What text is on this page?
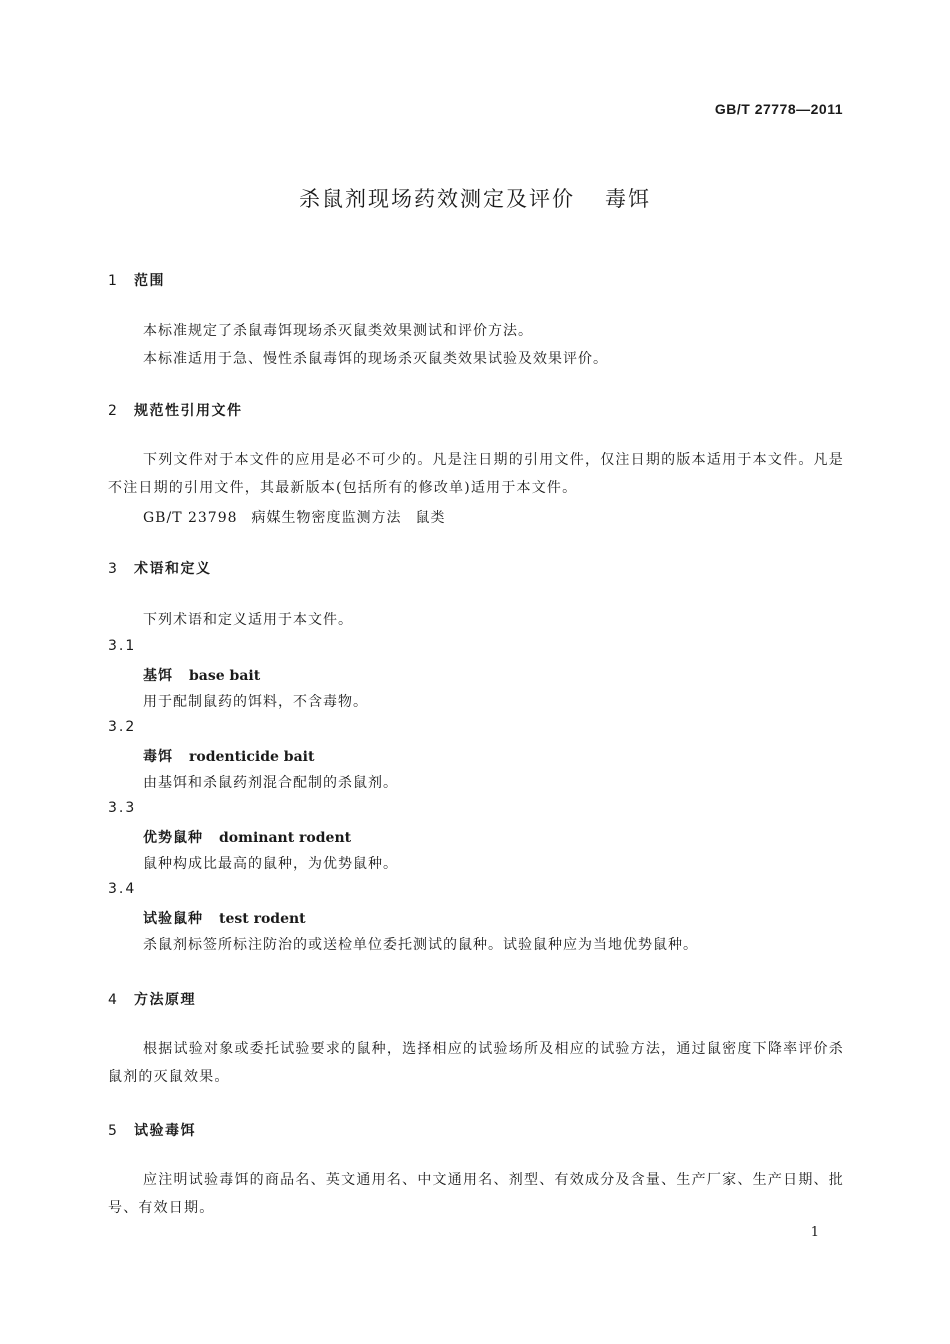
GB/T 27778—2011
杀鼠剂现场药效测定及评价 毒饵
1 范围
本标准规定了杀鼠毒饵现场杀灭鼠类效果测试和评价方法。
本标准适用于急、慢性杀鼠毒饵的现场杀灭鼠类效果试验及效果评价。
2 规范性引用文件
下列文件对于本文件的应用是必不可少的。凡是注日期的引用文件，仅注日期的版本适用于本文件。凡是不注日期的引用文件，其最新版本(包括所有的修改单)适用于本文件。
GB/T 23798 病媒生物密度监测方法 鼠类
3 术语和定义
下列术语和定义适用于本文件。
3.1
基饵 base bait
用于配制鼠药的饵料，不含毒物。
3.2
毒饵 rodenticide bait
由基饵和杀鼠药剂混合配制的杀鼠剂。
3.3
优势鼠种 dominant rodent
鼠种构成比最高的鼠种，为优势鼠种。
3.4
试验鼠种 test rodent
杀鼠剂标签所标注防治的或送检单位委托测试的鼠种。试验鼠种应为当地优势鼠种。
4 方法原理
根据试验对象或委托试验要求的鼠种，选择相应的试验场所及相应的试验方法，通过鼠密度下降率评价杀鼠剂的灭鼠效果。
5 试验毒饵
应注明试验毒饵的商品名、英文通用名、中文通用名、剂型、有效成分及含量、生产厂家、生产日期、批号、有效日期。
1
